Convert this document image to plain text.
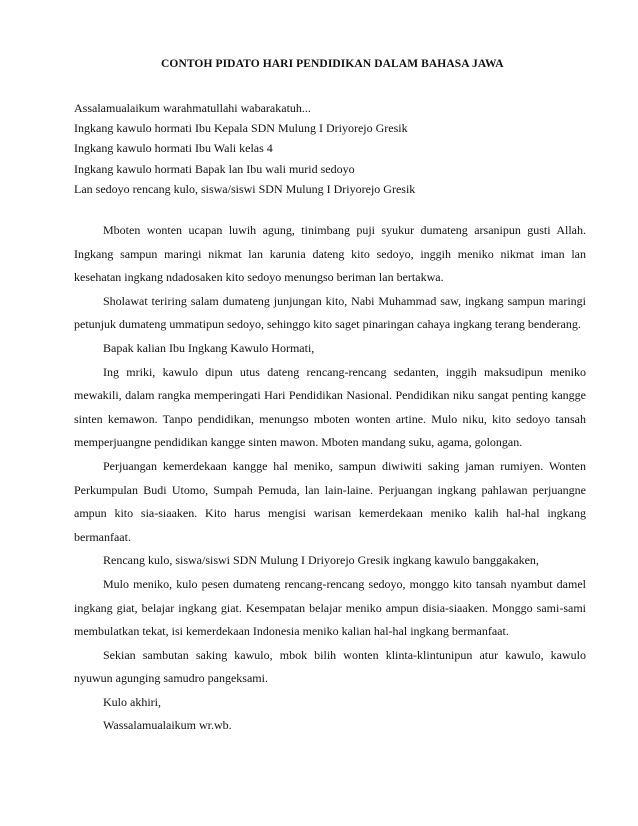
CONTOH PIDATO HARI PENDIDIKAN DALAM BAHASA JAWA

Assalamualaikum warahmatullahi wabarakatuh...

Ingkang kawulo hormati Ibu Kepala SDN Mulung I Driyorejo Gresik

Ingkang kawulo hormati Ibu Wali kelas 4

Ingkang kawulo hormati Bapak lan Ibu wali murid sedoyo

Lan sedoyo rencang kulo, siswa/siswi SDN Mulung I Driyorejo Gresik

Mboten wonten ucapan luwih agung, tinimbang puji syukur dumateng arsanipun gusti Allah. Ingkang sampun maringi nikmat lan karunia dateng kito sedoyo, inggih meniko nikmat iman lan kesehatan ingkang ndadosaken kito sedoyo menungso beriman lan bertakwa.

Sholawat teriring salam dumateng junjungan kito, Nabi Muhammad saw, ingkang sampun maringi petunjuk dumateng ummatipun sedoyo, sehinggo kito saget pinaringan cahaya ingkang terang benderang.

Bapak kalian Ibu Ingkang Kawulo Hormati,

Ing mriki, kawulo dipun utus dateng rencang-rencang sedanten, inggih maksudipun meniko mewakili, dalam rangka memperingati Hari Pendidikan Nasional. Pendidikan niku sangat penting kangge sinten kemawon. Tanpo pendidikan, menungso mboten wonten artine. Mulo niku, kito sedoyo tansah memperjuangne pendidikan kangge sinten mawon. Mboten mandang suku, agama, golongan.

Perjuangan kemerdekaan kangge hal meniko, sampun diwiwiti saking jaman rumiyen. Wonten Perkumpulan Budi Utomo, Sumpah Pemuda, lan lain-laine. Perjuangan ingkang pahlawan perjuangne ampun kito sia-siaaken. Kito harus mengisi warisan kemerdekaan meniko kalih hal-hal ingkang bermanfaat.

Rencang kulo, siswa/siswi SDN Mulung I Driyorejo Gresik ingkang kawulo banggakaken,

Mulo meniko, kulo pesen dumateng rencang-rencang sedoyo, monggo kito tansah nyambut damel ingkang giat, belajar ingkang giat. Kesempatan belajar meniko ampun disia-siaaken. Monggo sami-sami membulatkan tekat, isi kemerdekaan Indonesia meniko kalian hal-hal ingkang bermanfaat.

Sekian sambutan saking kawulo, mbok bilih wonten klinta-klintunipun atur kawulo, kawulo nyuwun agunging samudro pangeksami.

Kulo akhiri,

Wassalamualaikum wr.wb.
